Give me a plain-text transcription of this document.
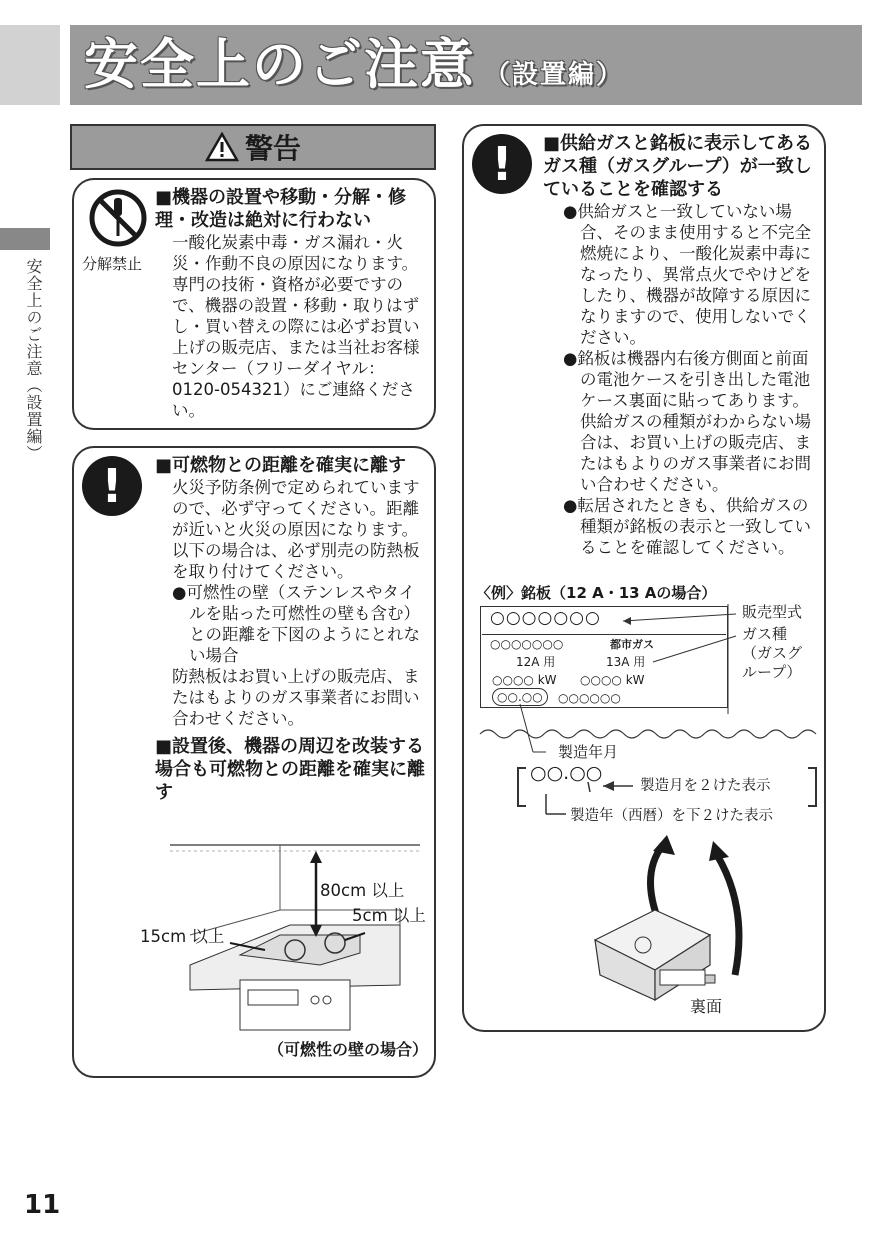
安全上のご注意 （設置編）
安全上のご注意（設置編）
警告
分解禁止
■機器の設置や移動・分解・修理・改造は絶対に行わない
一酸化炭素中毒・ガス漏れ・火災・作動不良の原因になります。専門の技術・資格が必要ですので、機器の設置・移動・取りはずし・買い替えの際には必ずお買い上げの販売店、または当社お客様センター（フリーダイヤル：0120-054321）にご連絡ください。
!	■可燃物との距離を確実に離す
火災予防条例で定められていますので、必ず守ってください。距離が近いと火災の原因になります。
以下の場合は、必ず別売の防熱板を取り付けてください。
●可燃性の壁（ステンレスやタイルを貼った可燃性の壁も含む）との距離を下図のようにとれない場合
防熱板はお買い上げの販売店、またはもよりのガス事業者にお問い合わせください。
■設置後、機器の周辺を改装する場合も可燃物との距離を確実に離す
80cm 以上
5cm 以上
15cm 以上
（可燃性の壁の場合）
!	■供給ガスと銘板に表示してあるガス種（ガスグループ）が一致していることを確認する
●供給ガスと一致していない場合、そのまま使用すると不完全燃焼により、一酸化炭素中毒になったり、異常点火でやけどをしたり、機器が故障する原因になりますので、使用しないでください。
●銘板は機器内右後方側面と前面の電池ケースを引き出した電池ケース裏面に貼ってあります。供給ガスの種類がわからない場合は、お買い上げの販売店、またはもよりのガス事業者にお問い合わせください。
●転居されたときも、供給ガスの種類が銘板の表示と一致していることを確認してください。
〈例〉銘板（12 A・13 Aの場合）
○○○○○○○
○○○○○○○	都市ガス
12A 用	13A 用
○○○○ kW ○○○○ kW
○○.○○	○○○○○○
販売型式
ガス種（ガスグループ）
製造年月
○○.○○
製造月を２けた表示
製造年（西暦）を下２けた表示
裏面
11
